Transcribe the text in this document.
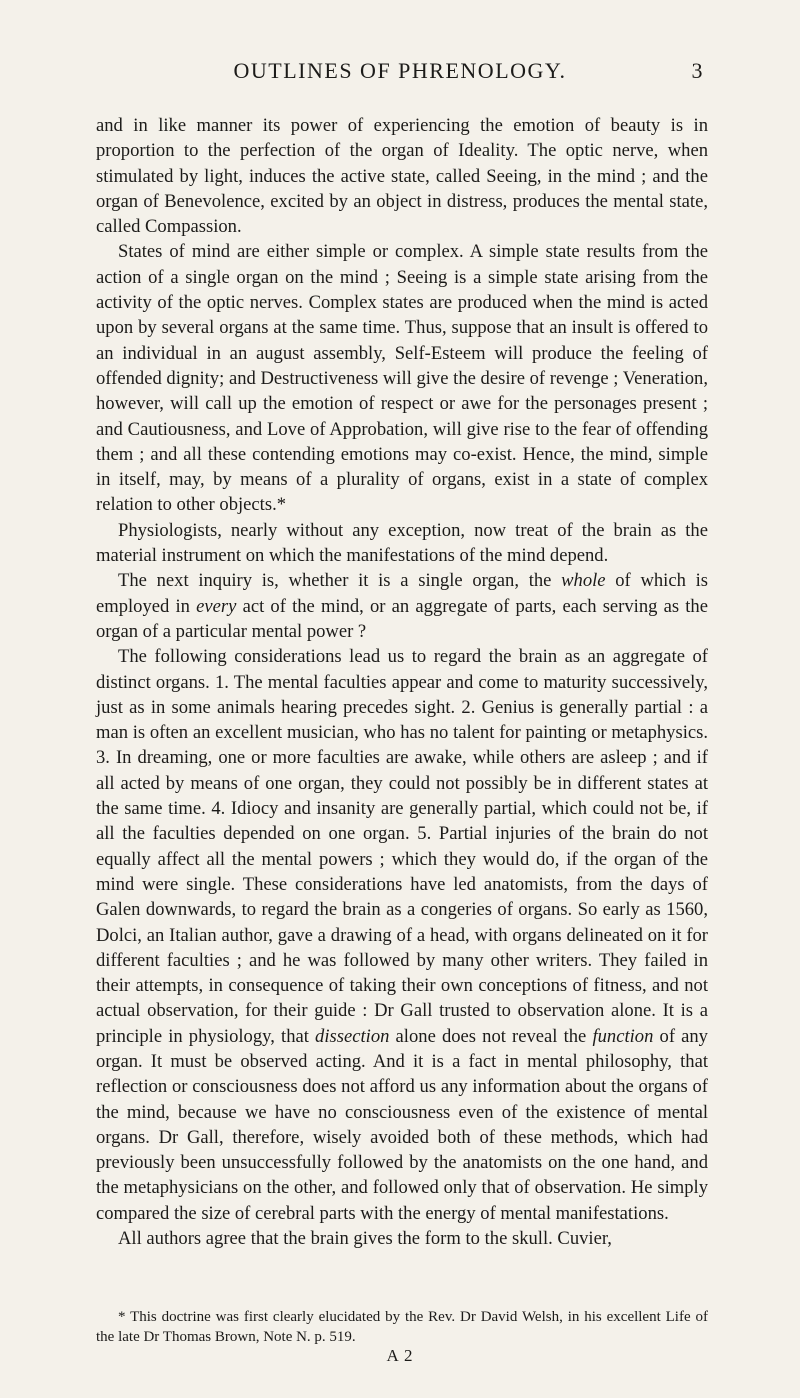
OUTLINES OF PHRENOLOGY.	3

and in like manner its power of experiencing the emotion of beauty is in proportion to the perfection of the organ of Ideality. The optic nerve, when stimulated by light, induces the active state, called Seeing, in the mind ; and the organ of Benevolence, excited by an object in distress, produces the mental state, called Compassion.

States of mind are either simple or complex. A simple state results from the action of a single organ on the mind ; Seeing is a simple state arising from the activity of the optic nerves. Complex states are produced when the mind is acted upon by several organs at the same time. Thus, suppose that an insult is offered to an individual in an august assembly, Self-Esteem will produce the feeling of offended dignity; and Destructiveness will give the desire of revenge ; Veneration, however, will call up the emotion of respect or awe for the personages present ; and Cautiousness, and Love of Approbation, will give rise to the fear of offending them ; and all these contending emotions may co-exist. Hence, the mind, simple in itself, may, by means of a plurality of organs, exist in a state of complex relation to other objects.*

Physiologists, nearly without any exception, now treat of the brain as the material instrument on which the manifestations of the mind depend.

The next inquiry is, whether it is a single organ, the whole of which is employed in every act of the mind, or an aggregate of parts, each serving as the organ of a particular mental power ?

The following considerations lead us to regard the brain as an aggregate of distinct organs. 1. The mental faculties appear and come to maturity successively, just as in some animals hearing precedes sight. 2. Genius is generally partial : a man is often an excellent musician, who has no talent for painting or metaphysics. 3. In dreaming, one or more faculties are awake, while others are asleep ; and if all acted by means of one organ, they could not possibly be in different states at the same time. 4. Idiocy and insanity are generally partial, which could not be, if all the faculties depended on one organ. 5. Partial injuries of the brain do not equally affect all the mental powers ; which they would do, if the organ of the mind were single. These considerations have led anatomists, from the days of Galen downwards, to regard the brain as a congeries of organs. So early as 1560, Dolci, an Italian author, gave a drawing of a head, with organs delineated on it for different faculties ; and he was followed by many other writers. They failed in their attempts, in consequence of taking their own conceptions of fitness, and not actual observation, for their guide : Dr Gall trusted to observation alone. It is a principle in physiology, that dissection alone does not reveal the function of any organ. It must be observed acting. And it is a fact in mental philosophy, that reflection or consciousness does not afford us any information about the organs of the mind, because we have no consciousness even of the existence of mental organs. Dr Gall, therefore, wisely avoided both of these methods, which had previously been unsuccessfully followed by the anatomists on the one hand, and the metaphysicians on the other, and followed only that of observation. He simply compared the size of cerebral parts with the energy of mental manifestations.

All authors agree that the brain gives the form to the skull. Cuvier,

* This doctrine was first clearly elucidated by the Rev. Dr David Welsh, in his excellent Life of the late Dr Thomas Brown, Note N. p. 519.

A 2
